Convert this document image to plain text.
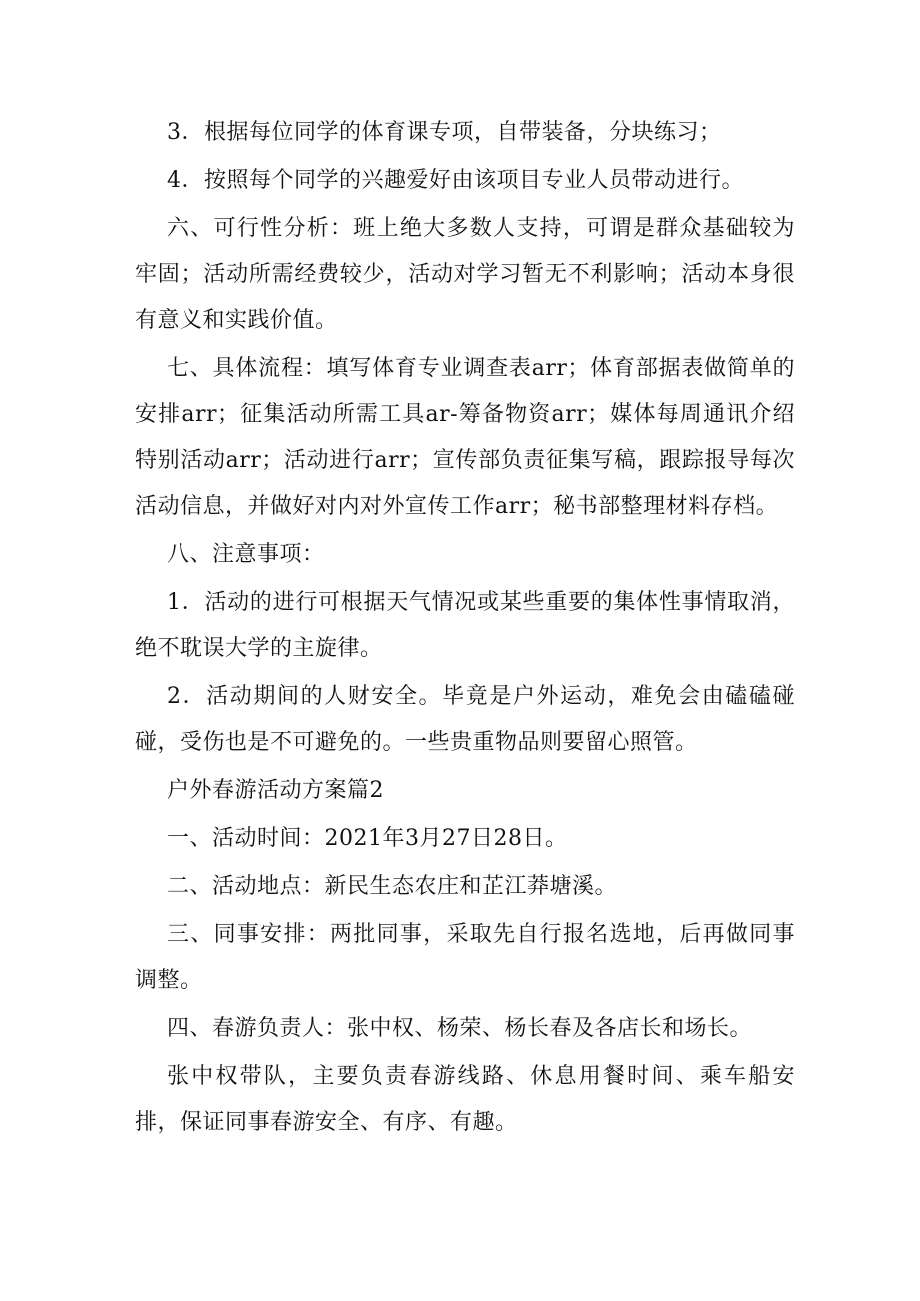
3．根据每位同学的体育课专项，自带装备，分块练习；

4．按照每个同学的兴趣爱好由该项目专业人员带动进行。

六、可行性分析：班上绝大多数人支持，可谓是群众基础较为牢固；活动所需经费较少，活动对学习暂无不利影响；活动本身很有意义和实践价值。

七、具体流程：填写体育专业调查表arr；体育部据表做简单的安排arr；征集活动所需工具ar-筹备物资arr；媒体每周通讯介绍特别活动arr；活动进行arr；宣传部负责征集写稿，跟踪报导每次活动信息，并做好对内对外宣传工作arr；秘书部整理材料存档。

八、注意事项：

1．活动的进行可根据天气情况或某些重要的集体性事情取消，绝不耽误大学的主旋律。

2．活动期间的人财安全。毕竟是户外运动，难免会由磕磕碰碰，受伤也是不可避免的。一些贵重物品则要留心照管。

户外春游活动方案篇2

一、活动时间：2021年3月27日28日。

二、活动地点：新民生态农庄和芷江莽塘溪。

三、同事安排：两批同事，采取先自行报名选地，后再做同事调整。

四、春游负责人：张中权、杨荣、杨长春及各店长和场长。

张中权带队，主要负责春游线路、休息用餐时间、乘车船安排，保证同事春游安全、有序、有趣。
